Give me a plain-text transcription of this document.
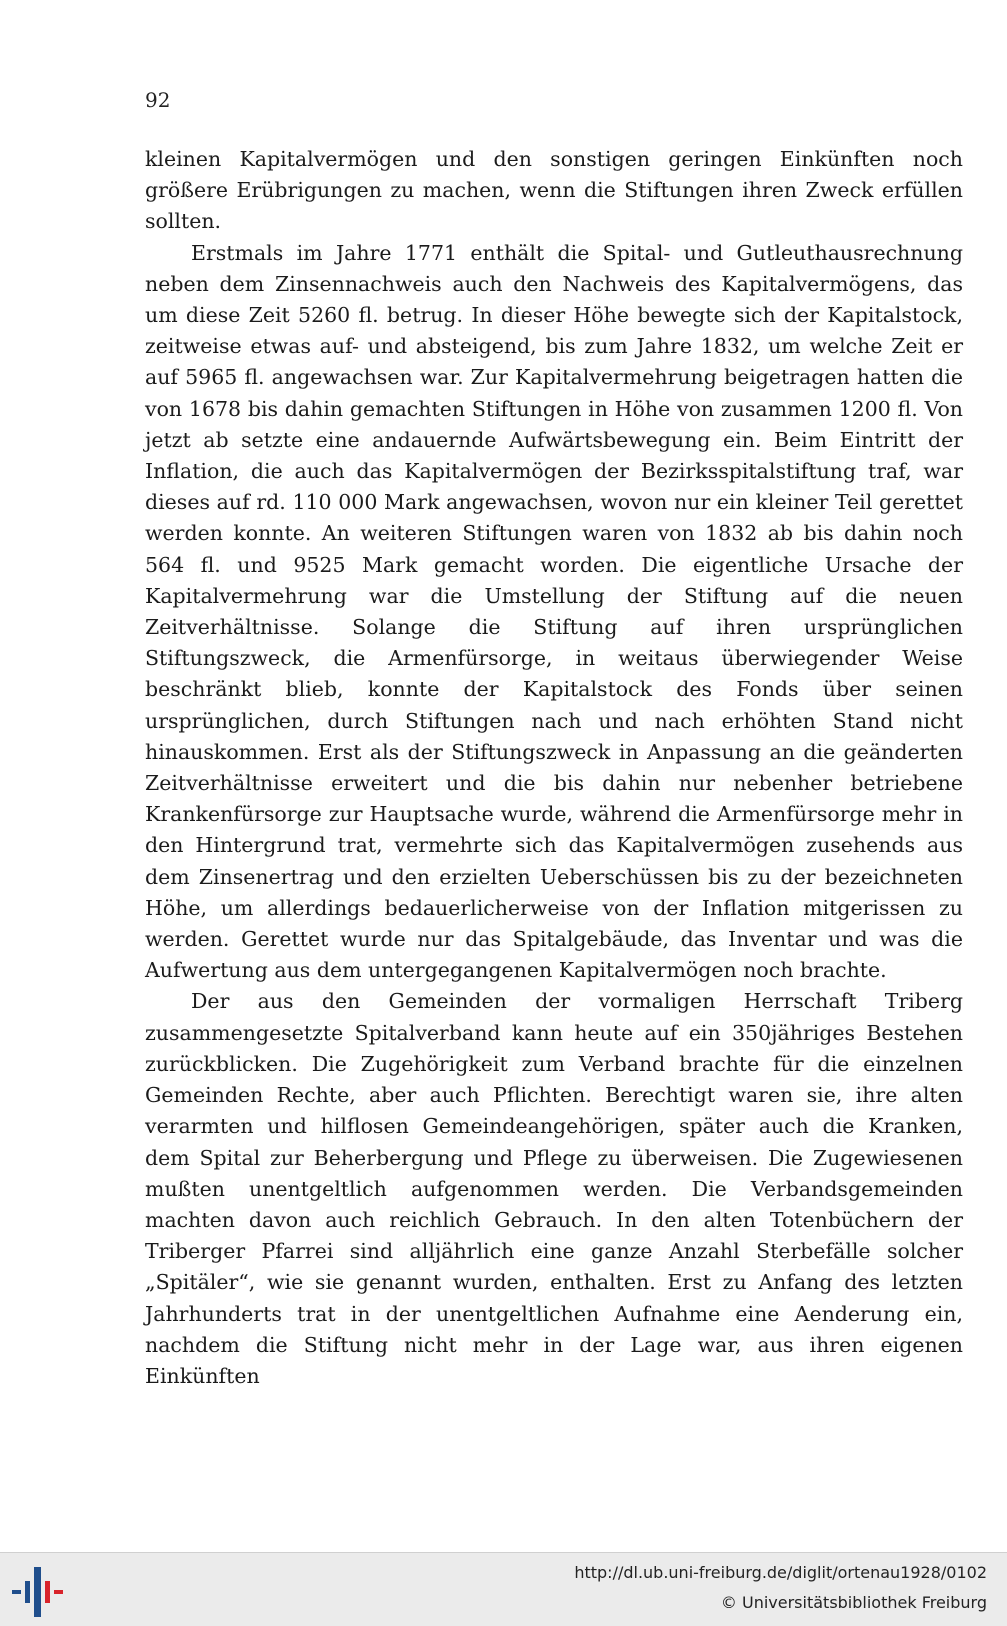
92

kleinen Kapitalvermögen und den sonstigen geringen Einkünften noch größere Erübrigungen zu machen, wenn die Stiftungen ihren Zweck erfüllen sollten.

Erstmals im Jahre 1771 enthält die Spital- und Gutleuthausrechnung neben dem Zinsennachweis auch den Nachweis des Kapitalvermögens, das um diese Zeit 5260 fl. betrug. In dieser Höhe bewegte sich der Kapitalstock, zeitweise etwas auf- und absteigend, bis zum Jahre 1832, um welche Zeit er auf 5965 fl. angewachsen war. Zur Kapitalvermehrung beigetragen hatten die von 1678 bis dahin gemachten Stiftungen in Höhe von zusammen 1200 fl. Von jetzt ab setzte eine andauernde Aufwärtsbewegung ein. Beim Eintritt der Inflation, die auch das Kapitalvermögen der Bezirksspitalstiftung traf, war dieses auf rd. 110 000 Mark angewachsen, wovon nur ein kleiner Teil gerettet werden konnte. An weiteren Stiftungen waren von 1832 ab bis dahin noch 564 fl. und 9525 Mark gemacht worden. Die eigentliche Ursache der Kapitalvermehrung war die Umstellung der Stiftung auf die neuen Zeitverhältnisse. Solange die Stiftung auf ihren ursprünglichen Stiftungszweck, die Armenfürsorge, in weitaus überwiegender Weise beschränkt blieb, konnte der Kapitalstock des Fonds über seinen ursprünglichen, durch Stiftungen nach und nach erhöhten Stand nicht hinauskommen. Erst als der Stiftungszweck in Anpassung an die geänderten Zeitverhältnisse erweitert und die bis dahin nur nebenher betriebene Krankenfürsorge zur Hauptsache wurde, während die Armenfürsorge mehr in den Hintergrund trat, vermehrte sich das Kapitalvermögen zusehends aus dem Zinsenertrag und den erzielten Ueberschüssen bis zu der bezeichneten Höhe, um allerdings bedauerlicherweise von der Inflation mitgerissen zu werden. Gerettet wurde nur das Spitalgebäude, das Inventar und was die Aufwertung aus dem untergegangenen Kapitalvermögen noch brachte.

Der aus den Gemeinden der vormaligen Herrschaft Triberg zusammengesetzte Spitalverband kann heute auf ein 350jähriges Bestehen zurückblicken. Die Zugehörigkeit zum Verband brachte für die einzelnen Gemeinden Rechte, aber auch Pflichten. Berechtigt waren sie, ihre alten verarmten und hilflosen Gemeindeangehörigen, später auch die Kranken, dem Spital zur Beherbergung und Pflege zu überweisen. Die Zugewiesenen mußten unentgeltlich aufgenommen werden. Die Verbandsgemeinden machten davon auch reichlich Gebrauch. In den alten Totenbüchern der Triberger Pfarrei sind alljährlich eine ganze Anzahl Sterbefälle solcher „Spitäler“, wie sie genannt wurden, enthalten. Erst zu Anfang des letzten Jahrhunderts trat in der unentgeltlichen Aufnahme eine Aenderung ein, nachdem die Stiftung nicht mehr in der Lage war, aus ihren eigenen Einkünften

http://dl.ub.uni-freiburg.de/diglit/ortenau1928/0102
© Universitätsbibliothek Freiburg
